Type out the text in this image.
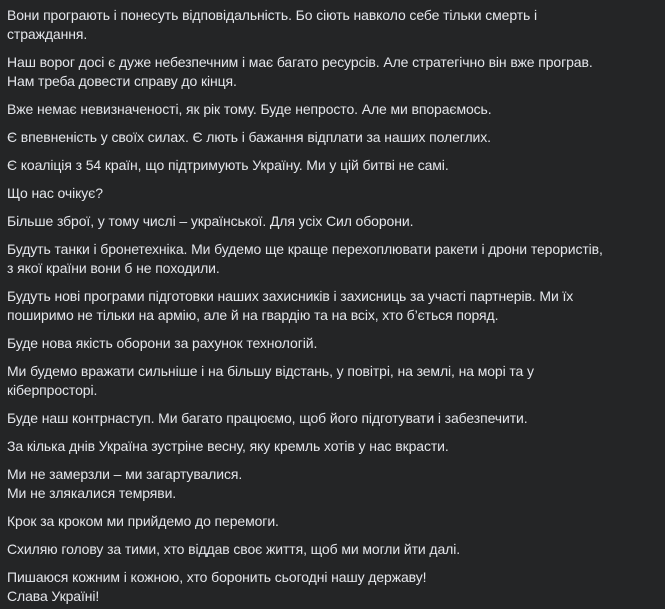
Вони програють і понесуть відповідальність. Бо сіють навколо себе тільки смерть і
страждання.

Наш ворог досі є дуже небезпечним і має багато ресурсів. Але стратегічно він вже програв.
Нам треба довести справу до кінця.

Вже немає невизначеності, як рік тому. Буде непросто. Але ми впораємось.

Є впевненість у своїх силах. Є лють і бажання відплати за наших полеглих.

Є коаліція з 54 країн, що підтримують Україну. Ми у цій битві не самі.

Що нас очікує?

Більше зброї, у тому числі – української. Для усіх Сил оборони.

Будуть танки і бронетехніка. Ми будемо ще краще перехоплювати ракети і дрони терористів,
з якої країни вони б не походили.

Будуть нові програми підготовки наших захисників і захисниць за участі партнерів. Ми їх
поширимо не тільки на армію, але й на гвардію та на всіх, хто б’ється поряд.

Буде нова якість оборони за рахунок технологій.

Ми будемо вражати сильніше і на більшу відстань, у повітрі, на землі, на морі та у
кіберпросторі.

Буде наш контрнаступ. Ми багато працюємо, щоб його підготувати і забезпечити.

За кілька днів Україна зустріне весну, яку кремль хотів у нас вкрасти.

Ми не замерзли – ми загартувалися.
Ми не злякалися темряви.

Крок за кроком ми прийдемо до перемоги.

Схиляю голову за тими, хто віддав своє життя, щоб ми могли йти далі.

Пишаюся кожним і кожною, хто боронить сьогодні нашу державу!
Слава Україні!
